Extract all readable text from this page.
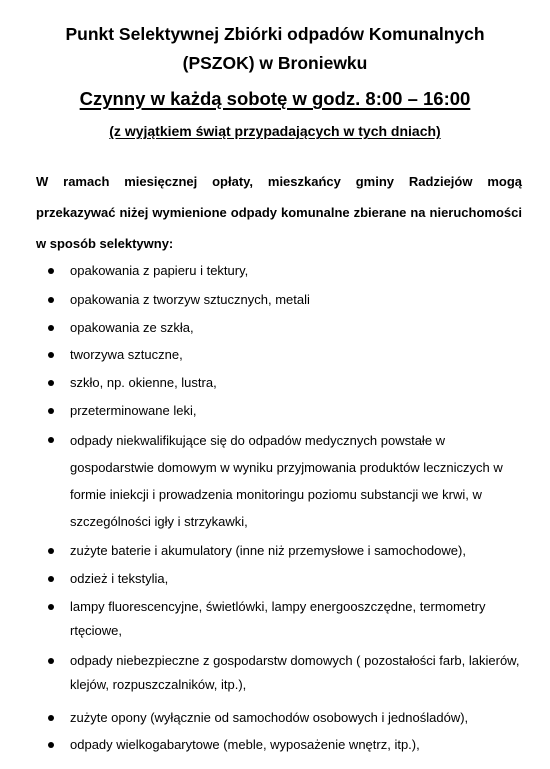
Punkt Selektywnej Zbiórki odpadów Komunalnych
(PSZOK) w Broniewku
Czynny w każdą sobotę w godz. 8:00 – 16:00
(z wyjątkiem świąt przypadających w tych dniach)

W ramach miesięcznej opłaty, mieszkańcy gminy Radziejów mogą przekazywać niżej wymienione odpady komunalne zbierane na nieruchomości w sposób selektywny:

opakowania z papieru i tektury,
opakowania z tworzyw sztucznych, metali
opakowania ze szkła,
tworzywa sztuczne,
szkło, np. okienne, lustra,
przeterminowane leki,
odpady niekwalifikujące się do odpadów medycznych powstałe w gospodarstwie domowym w wyniku przyjmowania produktów leczniczych w formie iniekcji i prowadzenia monitoringu poziomu substancji we krwi, w szczególności igły i strzykawki,
zużyte baterie i akumulatory (inne niż przemysłowe i samochodowe),
odzież i tekstylia,
lampy fluorescencyjne, świetlówki, lampy energooszczędne, termometry rtęciowe,
odpady niebezpieczne z gospodarstw domowych ( pozostałości farb, lakierów, klejów, rozpuszczalników, itp.),
zużyte opony (wyłącznie od samochodów osobowych i jednośladów),
odpady wielkogabarytowe (meble, wyposażenie wnętrz, itp.),
